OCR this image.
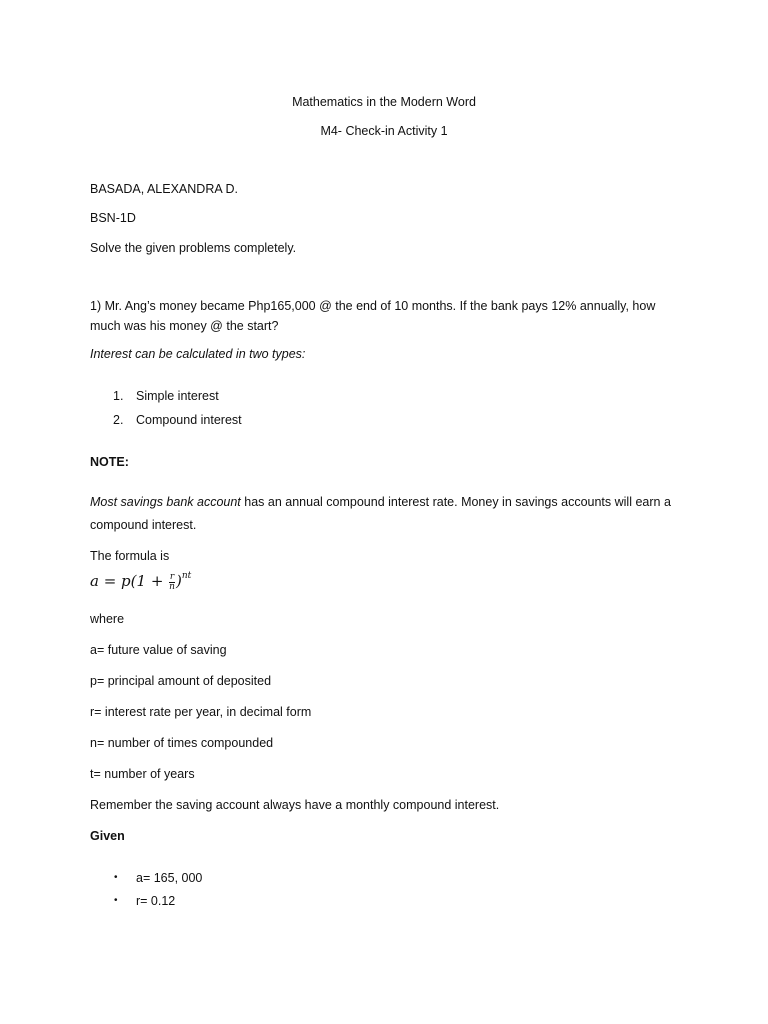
Mathematics in the Modern Word
M4- Check-in Activity 1
BASADA, ALEXANDRA D.
BSN-1D
Solve the given problems completely.
1) Mr. Ang’s money became Php165,000 @ the end of 10 months. If the bank pays 12% annually, how
much was his money @ the start?
Interest can be calculated in two types:
1. Simple interest
2. Compound interest
NOTE:
Most savings bank account has an annual compound interest rate. Money in savings accounts will earn a
compound interest.
The formula is
$a = p(1 + \frac{r}{n} )^{nt}$
where
a= future value of saving
p= principal amount of deposited
r= interest rate per year, in decimal form
n= number of times compounded
t= number of years
Remember the saving account always have a monthly compound interest.
Given
• a= 165, 000
• r= 0.12
